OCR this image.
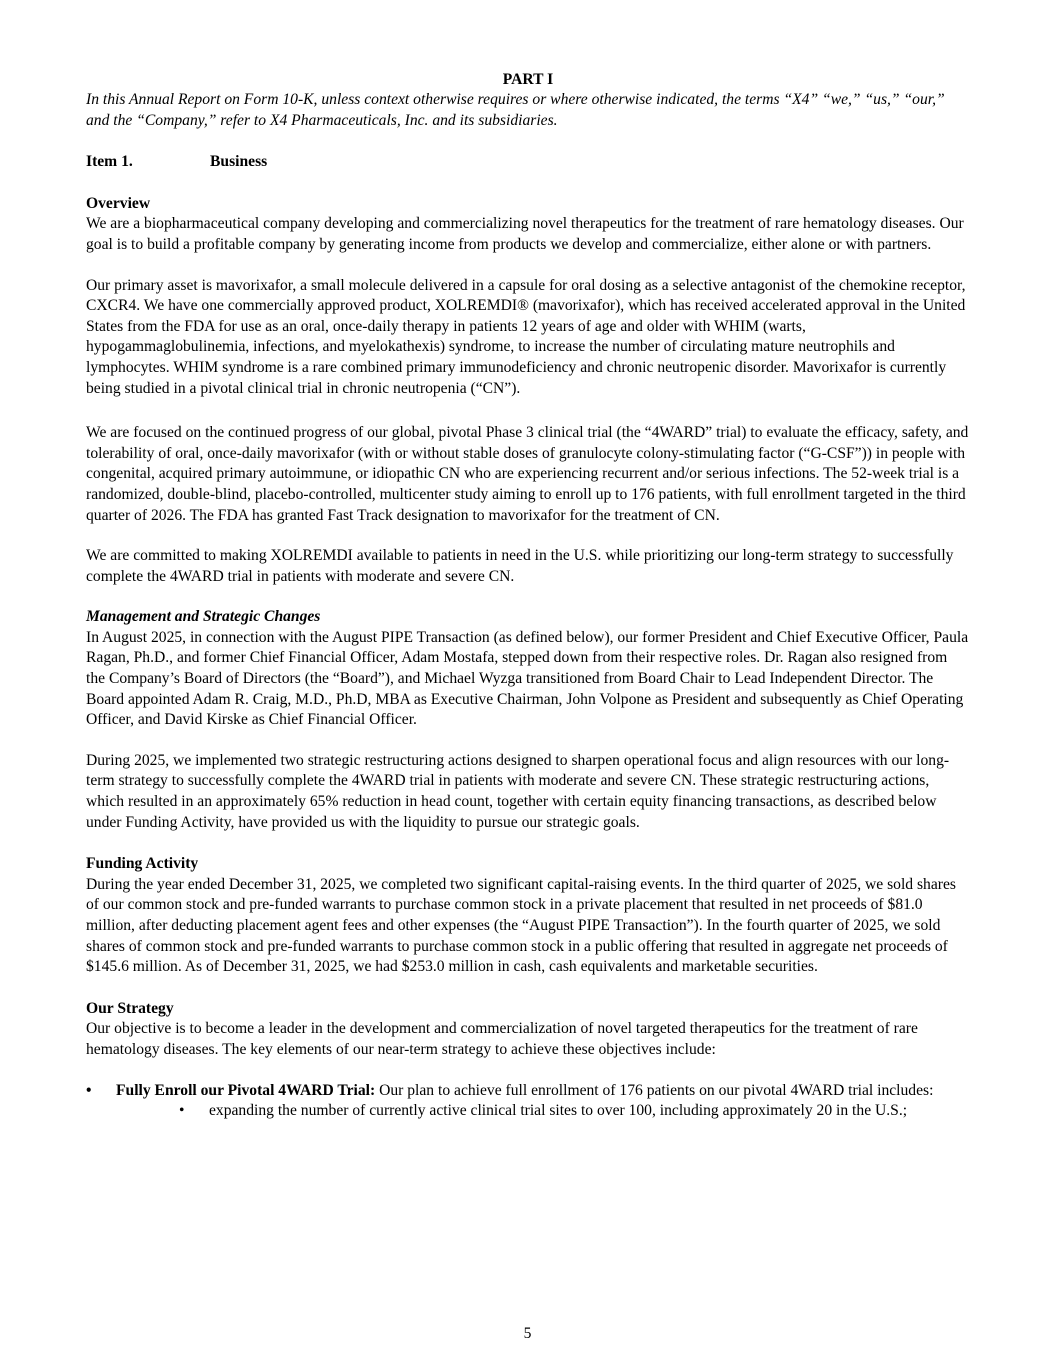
PART I

In this Annual Report on Form 10-K, unless context otherwise requires or where otherwise indicated, the terms “X4” “we,” “us,” “our,” and the “Company,” refer to X4 Pharmaceuticals, Inc. and its subsidiaries.

Item 1.	Business

Overview

We are a biopharmaceutical company developing and commercializing novel therapeutics for the treatment of rare hematology diseases. Our goal is to build a profitable company by generating income from products we develop and commercialize, either alone or with partners.

Our primary asset is mavorixafor, a small molecule delivered in a capsule for oral dosing as a selective antagonist of the chemokine receptor, CXCR4. We have one commercially approved product, XOLREMDI® (mavorixafor), which has received accelerated approval in the United States from the FDA for use as an oral, once-daily therapy in patients 12 years of age and older with WHIM (warts, hypogammaglobulinemia, infections, and myelokathexis) syndrome, to increase the number of circulating mature neutrophils and lymphocytes. WHIM syndrome is a rare combined primary immunodeficiency and chronic neutropenic disorder. Mavorixafor is currently being studied in a pivotal clinical trial in chronic neutropenia (“CN”).

We are focused on the continued progress of our global, pivotal Phase 3 clinical trial (the “4WARD” trial) to evaluate the efficacy, safety, and tolerability of oral, once-daily mavorixafor (with or without stable doses of granulocyte colony-stimulating factor (“G-CSF”)) in people with congenital, acquired primary autoimmune, or idiopathic CN who are experiencing recurrent and/or serious infections. The 52-week trial is a randomized, double-blind, placebo-controlled, multicenter study aiming to enroll up to 176 patients, with full enrollment targeted in the third quarter of 2026. The FDA has granted Fast Track designation to mavorixafor for the treatment of CN.

We are committed to making XOLREMDI available to patients in need in the U.S. while prioritizing our long-term strategy to successfully complete the 4WARD trial in patients with moderate and severe CN.

Management and Strategic Changes

In August 2025, in connection with the August PIPE Transaction (as defined below), our former President and Chief Executive Officer, Paula Ragan, Ph.D., and former Chief Financial Officer, Adam Mostafa, stepped down from their respective roles. Dr. Ragan also resigned from the Company’s Board of Directors (the “Board”), and Michael Wyzga transitioned from Board Chair to Lead Independent Director. The Board appointed Adam R. Craig, M.D., Ph.D, MBA as Executive Chairman, John Volpone as President and subsequently as Chief Operating Officer, and David Kirske as Chief Financial Officer.

During 2025, we implemented two strategic restructuring actions designed to sharpen operational focus and align resources with our long-term strategy to successfully complete the 4WARD trial in patients with moderate and severe CN. These strategic restructuring actions, which resulted in an approximately 65% reduction in head count, together with certain equity financing transactions, as described below under Funding Activity, have provided us with the liquidity to pursue our strategic goals.

Funding Activity

During the year ended December 31, 2025, we completed two significant capital-raising events. In the third quarter of 2025, we sold shares of our common stock and pre-funded warrants to purchase common stock in a private placement that resulted in net proceeds of $81.0 million, after deducting placement agent fees and other expenses (the “August PIPE Transaction”). In the fourth quarter of 2025, we sold shares of common stock and pre-funded warrants to purchase common stock in a public offering that resulted in aggregate net proceeds of $145.6 million. As of December 31, 2025, we had $253.0 million in cash, cash equivalents and marketable securities.

Our Strategy

Our objective is to become a leader in the development and commercialization of novel targeted therapeutics for the treatment of rare hematology diseases. The key elements of our near-term strategy to achieve these objectives include:

• Fully Enroll our Pivotal 4WARD Trial: Our plan to achieve full enrollment of 176 patients on our pivotal 4WARD trial includes:
• expanding the number of currently active clinical trial sites to over 100, including approximately 20 in the U.S.;

5
